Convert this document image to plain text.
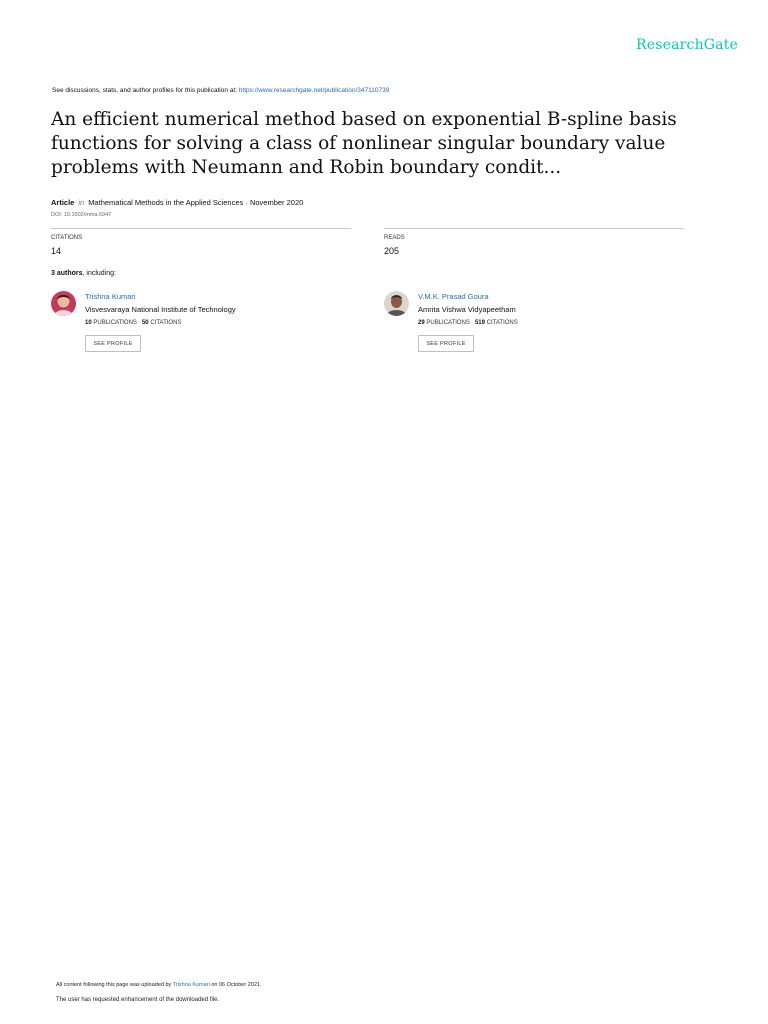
ResearchGate
See discussions, stats, and author profiles for this publication at: https://www.researchgate.net/publication/347110739
An efficient numerical method based on exponential B-spline basis functions for solving a class of nonlinear singular boundary value problems with Neumann and Robin boundary condit...
Article in Mathematical Methods in the Applied Sciences · November 2020
DOI: 10.1002/mma.6947
CITATIONS
14
READS
205
3 authors, including:
Trishna Kumari
Visvesvaraya National Institute of Technology
10 PUBLICATIONS 50 CITATIONS
SEE PROFILE
V.M.K. Prasad Goura
Amrita Vishwa Vidyapeetham
29 PUBLICATIONS 519 CITATIONS
SEE PROFILE
All content following this page was uploaded by Trishna Kumari on 06 October 2021.
The user has requested enhancement of the downloaded file.
